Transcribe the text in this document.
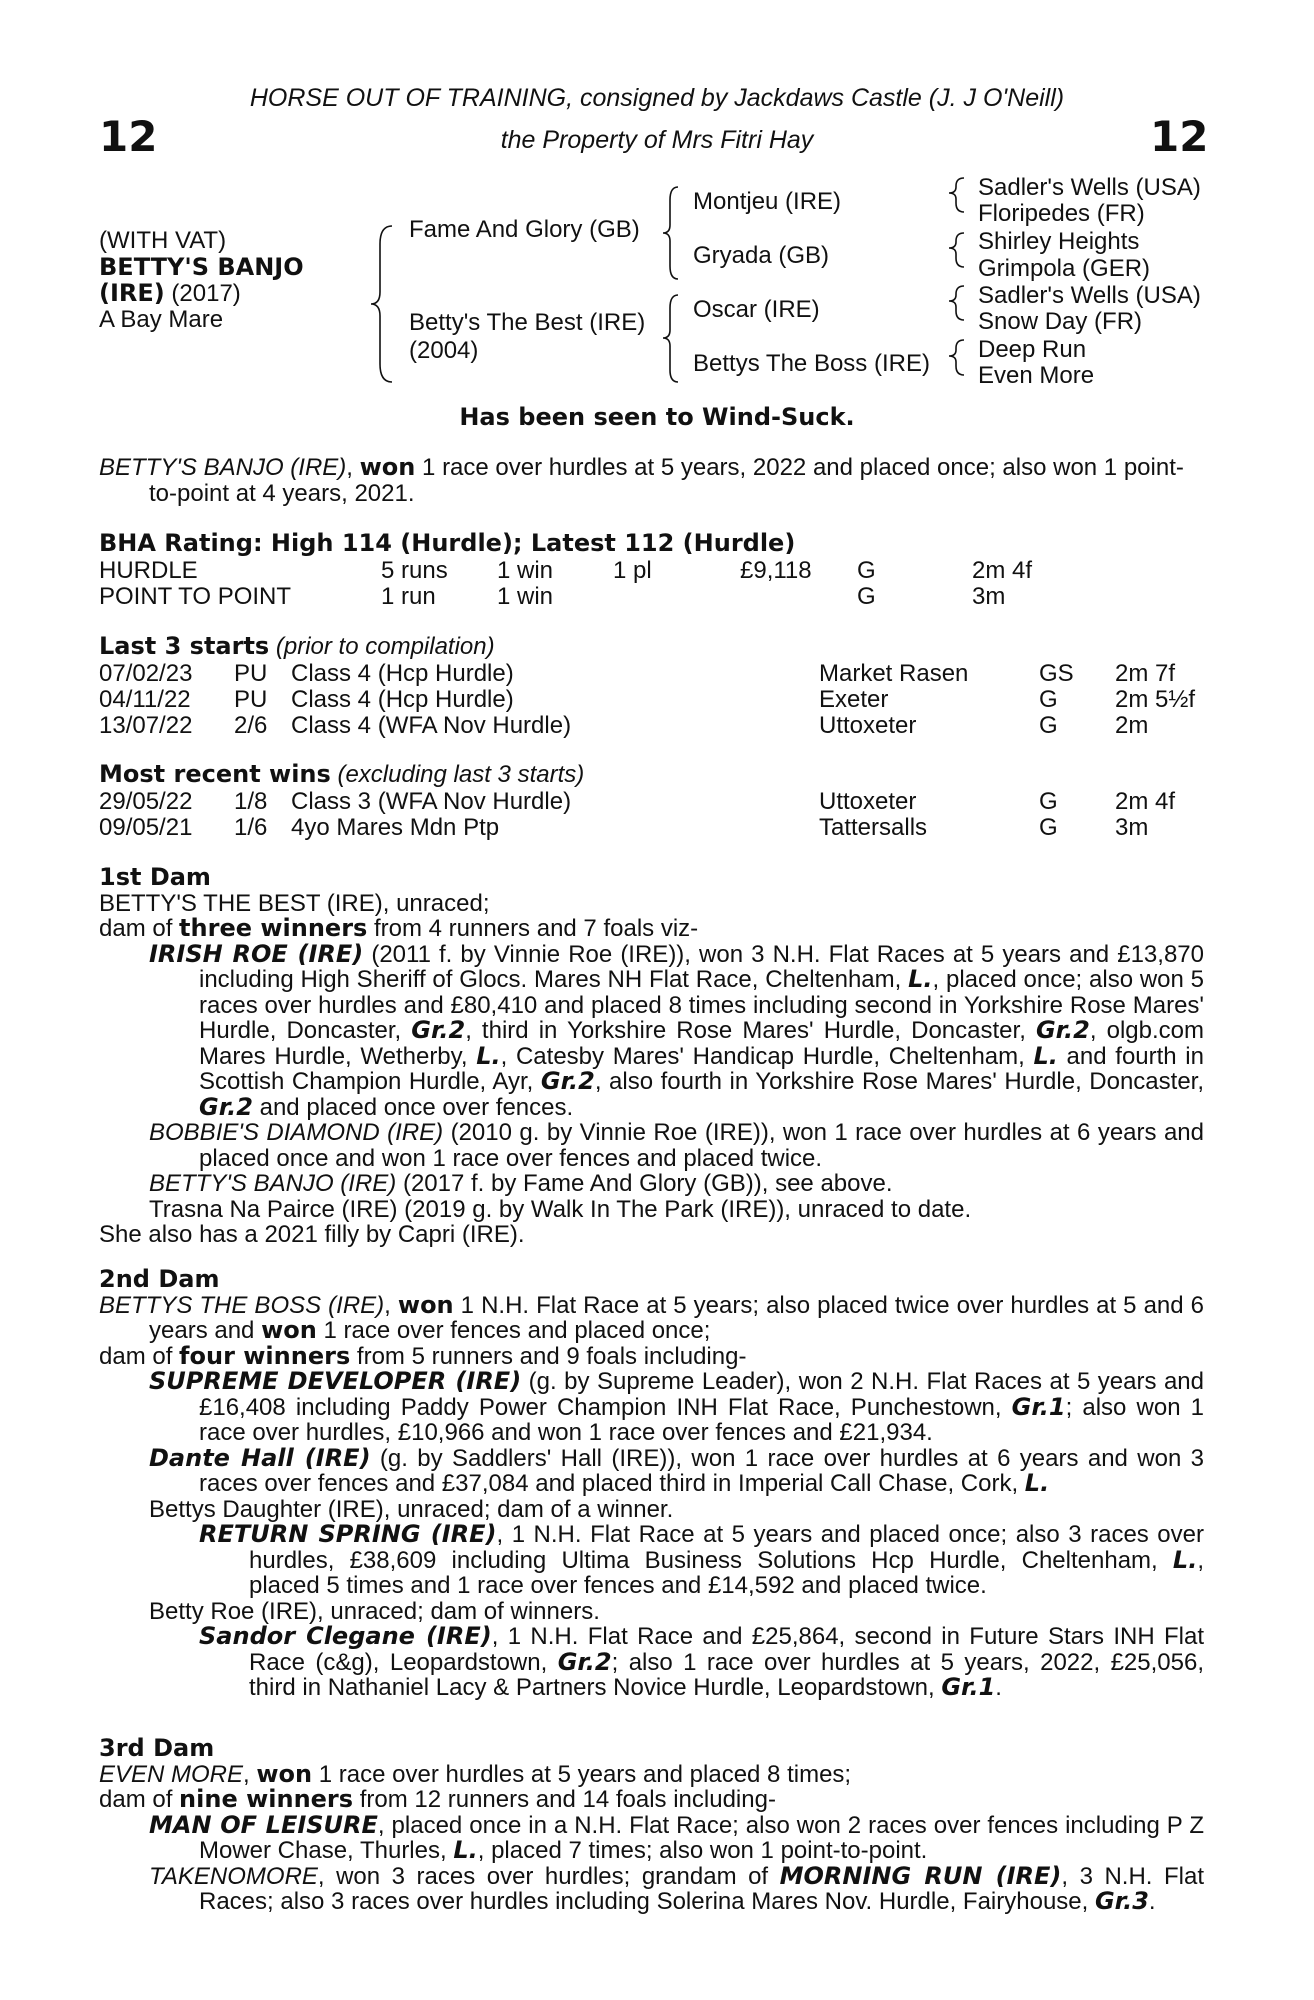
12	12
HORSE OUT OF TRAINING, consigned by Jackdaws Castle (J. J O'Neill)
the Property of Mrs Fitri Hay
(WITH VAT)
BETTY'S BANJO
(IRE) (2017)
A Bay Mare
Fame And Glory (GB)
Betty's The Best (IRE)
(2004)
Montjeu (IRE)
Gryada (GB)
Oscar (IRE)
Bettys The Boss (IRE)
Sadler's Wells (USA)
Floripedes (FR)
Shirley Heights
Grimpola (GER)
Sadler's Wells (USA)
Snow Day (FR)
Deep Run
Even More
Has been seen to Wind-Suck.

BETTY'S BANJO (IRE), won 1 race over hurdles at 5 years, 2022 and placed once; also won 1 point-to-point at 4 years, 2021.

BHA Rating: High 114 (Hurdle); Latest 112 (Hurdle)
HURDLE	5 runs 1 win 1 pl	£9,118 G	2m 4f
POINT TO POINT	1 run	1 win	G	3m
Last 3 starts (prior to compilation)
07/02/23 PU Class 4 (Hcp Hurdle)	Market Rasen	GS 2m 7f
04/11/22 PU Class 4 (Hcp Hurdle)	Exeter	G 2m 5½f
13/07/22 2/6 Class 4 (WFA Nov Hurdle)	Uttoxeter	G 2m
Most recent wins (excluding last 3 starts)
29/05/22 1/8 Class 3 (WFA Nov Hurdle)	Uttoxeter	G 2m 4f
09/05/21 1/6 4yo Mares Mdn Ptp	Tattersalls	G 3m

1st Dam

BETTY'S THE BEST (IRE), unraced;

dam of three winners from 4 runners and 7 foals viz-

IRISH ROE (IRE) (2011 f. by Vinnie Roe (IRE)), won 3 N.H. Flat Races at 5 years and £13,870 including High Sheriff of Glocs. Mares NH Flat Race, Cheltenham, L., placed once; also won 5 races over hurdles and £80,410 and placed 8 times including second in Yorkshire Rose Mares' Hurdle, Doncaster, Gr.2, third in Yorkshire Rose Mares' Hurdle, Doncaster, Gr.2, olgb.com Mares Hurdle, Wetherby, L., Catesby Mares' Handicap Hurdle, Cheltenham, L. and fourth in Scottish Champion Hurdle, Ayr, Gr.2, also fourth in Yorkshire Rose Mares' Hurdle, Doncaster, Gr.2 and placed once over fences.

BOBBIE'S DIAMOND (IRE) (2010 g. by Vinnie Roe (IRE)), won 1 race over hurdles at 6 years and placed once and won 1 race over fences and placed twice.

BETTY'S BANJO (IRE) (2017 f. by Fame And Glory (GB)), see above.

Trasna Na Pairce (IRE) (2019 g. by Walk In The Park (IRE)), unraced to date.

She also has a 2021 filly by Capri (IRE).

2nd Dam

BETTYS THE BOSS (IRE), won 1 N.H. Flat Race at 5 years; also placed twice over hurdles at 5 and 6 years and won 1 race over fences and placed once;

dam of four winners from 5 runners and 9 foals including-

SUPREME DEVELOPER (IRE) (g. by Supreme Leader), won 2 N.H. Flat Races at 5 years and £16,408 including Paddy Power Champion INH Flat Race, Punchestown, Gr.1; also won 1 race over hurdles, £10,966 and won 1 race over fences and £21,934.

Dante Hall (IRE) (g. by Saddlers' Hall (IRE)), won 1 race over hurdles at 6 years and won 3 races over fences and £37,084 and placed third in Imperial Call Chase, Cork, L.

Bettys Daughter (IRE), unraced; dam of a winner.

RETURN SPRING (IRE), 1 N.H. Flat Race at 5 years and placed once; also 3 races over hurdles, £38,609 including Ultima Business Solutions Hcp Hurdle, Cheltenham, L., placed 5 times and 1 race over fences and £14,592 and placed twice.

Betty Roe (IRE), unraced; dam of winners.

Sandor Clegane (IRE), 1 N.H. Flat Race and £25,864, second in Future Stars INH Flat Race (c&g), Leopardstown, Gr.2; also 1 race over hurdles at 5 years, 2022, £25,056, third in Nathaniel Lacy & Partners Novice Hurdle, Leopardstown, Gr.1.

3rd Dam

EVEN MORE, won 1 race over hurdles at 5 years and placed 8 times;

dam of nine winners from 12 runners and 14 foals including-

MAN OF LEISURE, placed once in a N.H. Flat Race; also won 2 races over fences including P Z Mower Chase, Thurles, L., placed 7 times; also won 1 point-to-point.

TAKENOMORE, won 3 races over hurdles; grandam of MORNING RUN (IRE), 3 N.H. Flat Races; also 3 races over hurdles including Solerina Mares Nov. Hurdle, Fairyhouse, Gr.3.
